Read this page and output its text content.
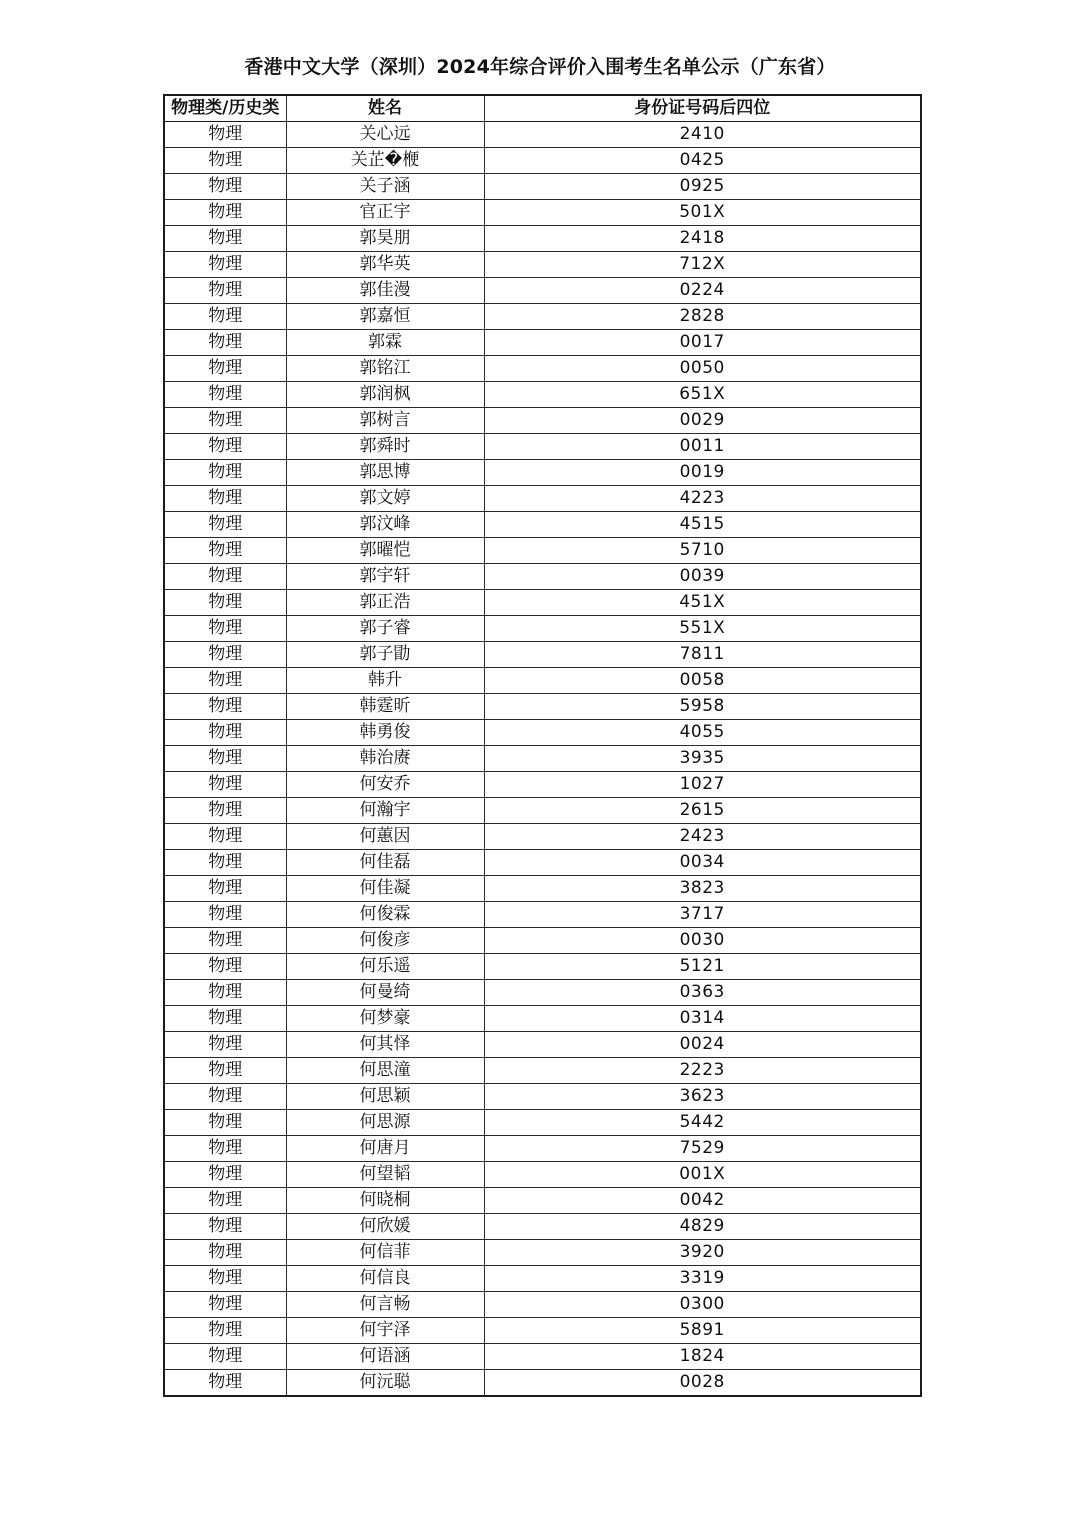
香港中文大学（深圳）2024年综合评价入围考生名单公示（广东省）
物理类/历史类	姓名	身份证号码后四位
物理	关心远	2410
物理	关芷�楩	0425
物理	关子涵	0925
物理	官正宇	501X
物理	郭昊朋	2418
物理	郭华英	712X
物理	郭佳漫	0224
物理	郭嘉恒	2828
物理	郭霖	0017
物理	郭铭江	0050
物理	郭润枫	651X
物理	郭树言	0029
物理	郭舜时	0011
物理	郭思博	0019
物理	郭文婷	4223
物理	郭汶峰	4515
物理	郭曜恺	5710
物理	郭宇轩	0039
物理	郭正浩	451X
物理	郭子睿	551X
物理	郭子勖	7811
物理	韩升	0058
物理	韩霆昕	5958
物理	韩勇俊	4055
物理	韩治赓	3935
物理	何安乔	1027
物理	何瀚宇	2615
物理	何蕙因	2423
物理	何佳磊	0034
物理	何佳凝	3823
物理	何俊霖	3717
物理	何俊彦	0030
物理	何乐遥	5121
物理	何曼绮	0363
物理	何梦豪	0314
物理	何其怿	0024
物理	何思潼	2223
物理	何思颖	3623
物理	何思源	5442
物理	何唐月	7529
物理	何望韬	001X
物理	何晓桐	0042
物理	何欣媛	4829
物理	何信菲	3920
物理	何信良	3319
物理	何言畅	0300
物理	何宇泽	5891
物理	何语涵	1824
物理	何沅聪	0028
